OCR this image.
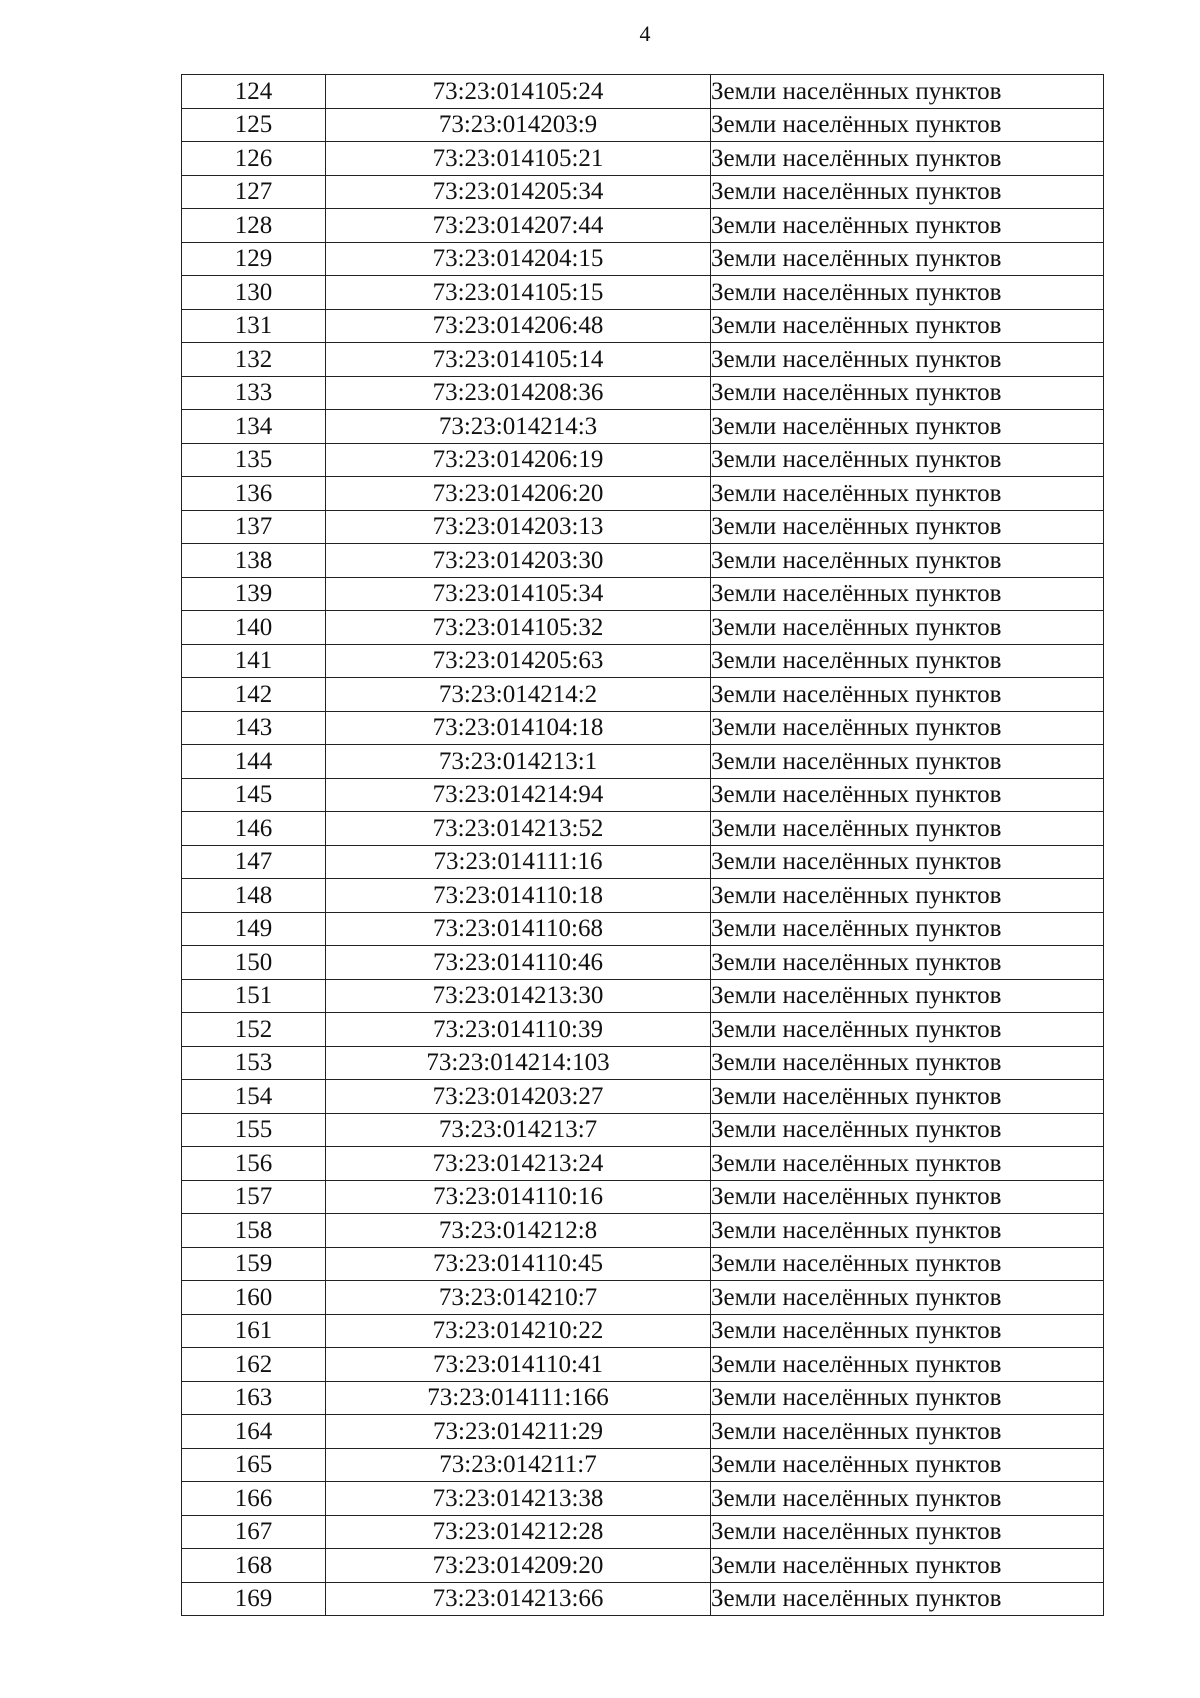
4
124	73:23:014105:24	Земли населённых пунктов
125	73:23:014203:9	Земли населённых пунктов
126	73:23:014105:21	Земли населённых пунктов
127	73:23:014205:34	Земли населённых пунктов
128	73:23:014207:44	Земли населённых пунктов
129	73:23:014204:15	Земли населённых пунктов
130	73:23:014105:15	Земли населённых пунктов
131	73:23:014206:48	Земли населённых пунктов
132	73:23:014105:14	Земли населённых пунктов
133	73:23:014208:36	Земли населённых пунктов
134	73:23:014214:3	Земли населённых пунктов
135	73:23:014206:19	Земли населённых пунктов
136	73:23:014206:20	Земли населённых пунктов
137	73:23:014203:13	Земли населённых пунктов
138	73:23:014203:30	Земли населённых пунктов
139	73:23:014105:34	Земли населённых пунктов
140	73:23:014105:32	Земли населённых пунктов
141	73:23:014205:63	Земли населённых пунктов
142	73:23:014214:2	Земли населённых пунктов
143	73:23:014104:18	Земли населённых пунктов
144	73:23:014213:1	Земли населённых пунктов
145	73:23:014214:94	Земли населённых пунктов
146	73:23:014213:52	Земли населённых пунктов
147	73:23:014111:16	Земли населённых пунктов
148	73:23:014110:18	Земли населённых пунктов
149	73:23:014110:68	Земли населённых пунктов
150	73:23:014110:46	Земли населённых пунктов
151	73:23:014213:30	Земли населённых пунктов
152	73:23:014110:39	Земли населённых пунктов
153	73:23:014214:103	Земли населённых пунктов
154	73:23:014203:27	Земли населённых пунктов
155	73:23:014213:7	Земли населённых пунктов
156	73:23:014213:24	Земли населённых пунктов
157	73:23:014110:16	Земли населённых пунктов
158	73:23:014212:8	Земли населённых пунктов
159	73:23:014110:45	Земли населённых пунктов
160	73:23:014210:7	Земли населённых пунктов
161	73:23:014210:22	Земли населённых пунктов
162	73:23:014110:41	Земли населённых пунктов
163	73:23:014111:166	Земли населённых пунктов
164	73:23:014211:29	Земли населённых пунктов
165	73:23:014211:7	Земли населённых пунктов
166	73:23:014213:38	Земли населённых пунктов
167	73:23:014212:28	Земли населённых пунктов
168	73:23:014209:20	Земли населённых пунктов
169	73:23:014213:66	Земли населённых пунктов
